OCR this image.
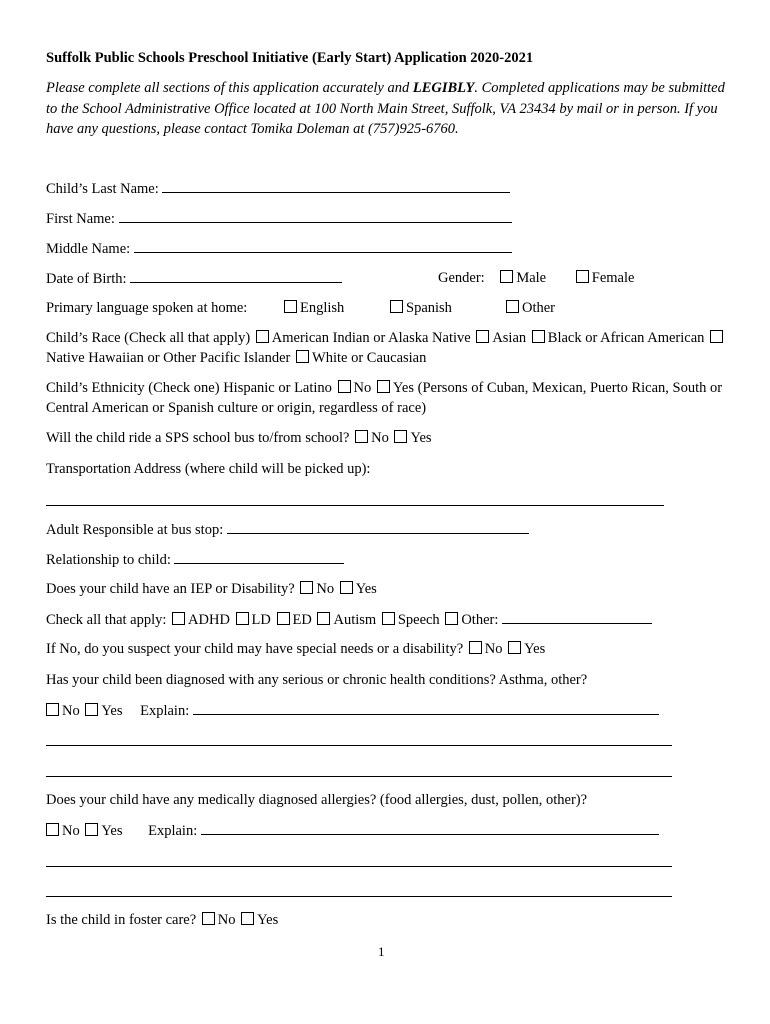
Suffolk Public Schools Preschool Initiative (Early Start) Application 2020-2021
Please complete all sections of this application accurately and LEGIBLY. Completed applications may be submitted to the School Administrative Office located at 100 North Main Street, Suffolk, VA 23434 by mail or in person. If you have any questions, please contact Tomika Doleman at (757)925-6760.
Child’s Last Name:
First Name:
Middle Name:
Date of Birth:	Gender: Male	Female
Primary language spoken at home:	English	Spanish	Other
Child’s Race (Check all that apply) American Indian or Alaska Native Asian Black or African American Native Hawaiian or Other Pacific Islander White or Caucasian
Child’s Ethnicity (Check one) Hispanic or Latino No Yes (Persons of Cuban, Mexican, Puerto Rican, South or Central American or Spanish culture or origin, regardless of race)
Will the child ride a SPS school bus to/from school? No Yes
Transportation Address (where child will be picked up):
Adult Responsible at bus stop:
Relationship to child:
Does your child have an IEP or Disability? No Yes
Check all that apply: ADHD LD ED Autism Speech Other:
If No, do you suspect your child may have special needs or a disability? No Yes
Has your child been diagnosed with any serious or chronic health conditions? Asthma, other?
No Yes Explain:
Does your child have any medically diagnosed allergies? (food allergies, dust, pollen, other)?
No Yes Explain:
Is the child in foster care? No Yes
1
